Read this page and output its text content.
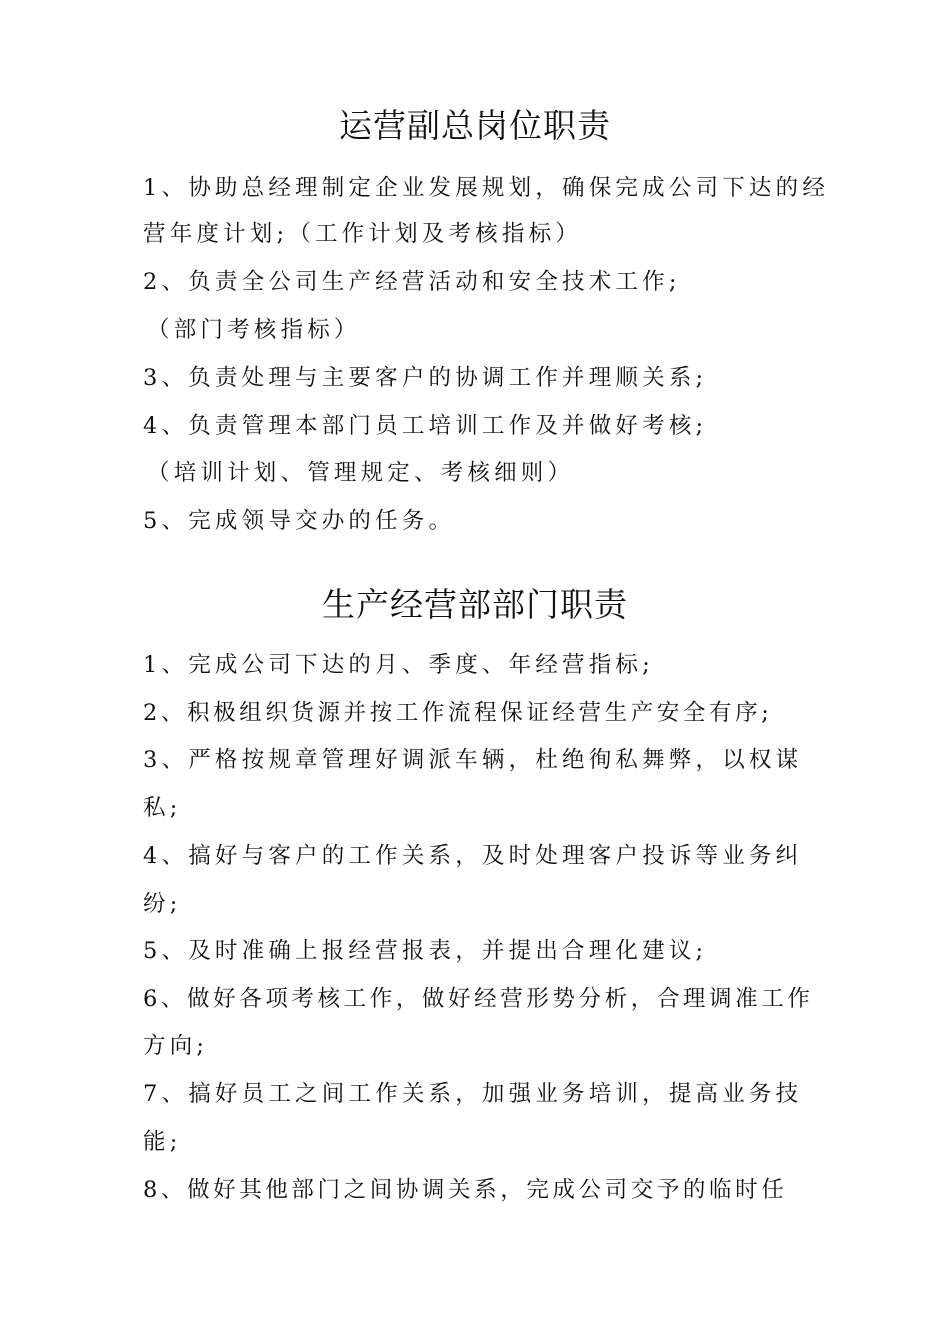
运营副总岗位职责
1、协助总经理制定企业发展规划，确保完成公司下达的经
营年度计划;（工作计划及考核指标）
2、负责全公司生产经营活动和安全技术工作;
（部门考核指标）
3、负责处理与主要客户的协调工作并理顺关系;
4、负责管理本部门员工培训工作及并做好考核;
（培训计划、管理规定、考核细则）
5、完成领导交办的任务。
生产经营部部门职责
1、完成公司下达的月、季度、年经营指标;
2、积极组织货源并按工作流程保证经营生产安全有序;
3、严格按规章管理好调派车辆，杜绝徇私舞弊，以权谋
私;
4、搞好与客户的工作关系，及时处理客户投诉等业务纠
纷;
5、及时准确上报经营报表，并提出合理化建议;
6、做好各项考核工作，做好经营形势分析，合理调准工作
方向;
7、搞好员工之间工作关系，加强业务培训，提高业务技
能;
8、做好其他部门之间协调关系，完成公司交予的临时任
